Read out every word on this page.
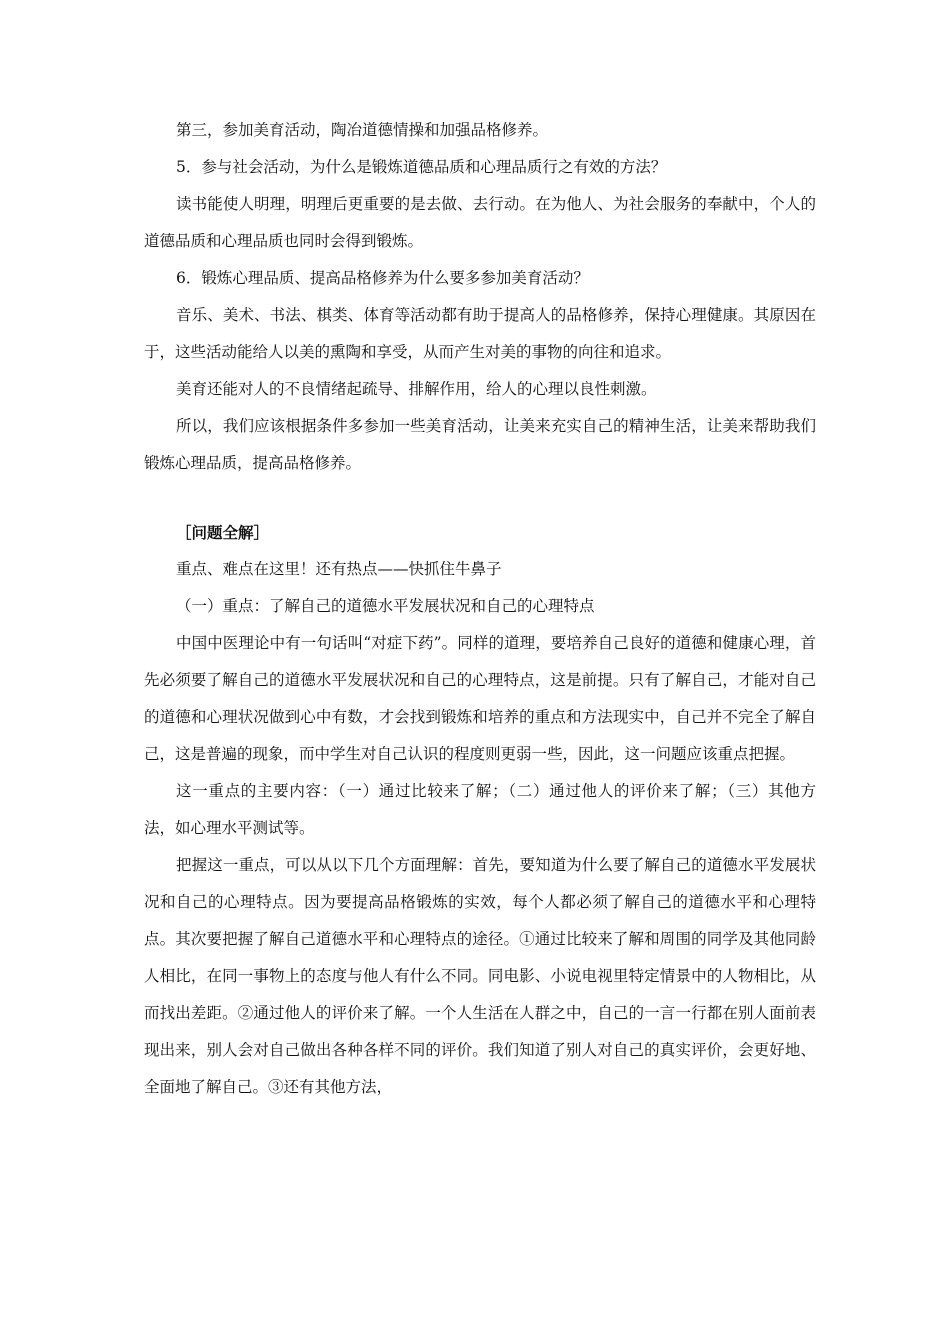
第三，参加美育活动，陶冶道德情操和加强品格修养。

5．参与社会活动，为什么是锻炼道德品质和心理品质行之有效的方法？

读书能使人明理，明理后更重要的是去做、去行动。在为他人、为社会服务的奉献中，个人的道德品质和心理品质也同时会得到锻炼。

6．锻炼心理品质、提高品格修养为什么要多参加美育活动？

音乐、美术、书法、棋类、体育等活动都有助于提高人的品格修养，保持心理健康。其原因在于，这些活动能给人以美的熏陶和享受，从而产生对美的事物的向往和追求。

美育还能对人的不良情绪起疏导、排解作用，给人的心理以良性刺激。

所以，我们应该根据条件多参加一些美育活动，让美来充实自己的精神生活，让美来帮助我们锻炼心理品质，提高品格修养。

［问题全解］

重点、难点在这里！还有热点——快抓住牛鼻子

（一）重点：了解自己的道德水平发展状况和自己的心理特点

中国中医理论中有一句话叫“对症下药”。同样的道理，要培养自己良好的道德和健康心理，首先必须要了解自己的道德水平发展状况和自己的心理特点，这是前提。只有了解自己，才能对自己的道德和心理状况做到心中有数，才会找到锻炼和培养的重点和方法现实中，自己并不完全了解自己，这是普遍的现象，而中学生对自己认识的程度则更弱一些，因此，这一问题应该重点把握。

这一重点的主要内容：（一）通过比较来了解；（二）通过他人的评价来了解；（三）其他方法，如心理水平测试等。

把握这一重点，可以从以下几个方面理解：首先，要知道为什么要了解自己的道德水平发展状况和自己的心理特点。因为要提高品格锻炼的实效，每个人都必须了解自己的道德水平和心理特点。其次要把握了解自己道德水平和心理特点的途径。①通过比较来了解和周围的同学及其他同龄人相比，在同一事物上的态度与他人有什么不同。同电影、小说电视里特定情景中的人物相比，从而找出差距。②通过他人的评价来了解。一个人生活在人群之中，自己的一言一行都在别人面前表现出来，别人会对自己做出各种各样不同的评价。我们知道了别人对自己的真实评价，会更好地、全面地了解自己。③还有其他方法，
